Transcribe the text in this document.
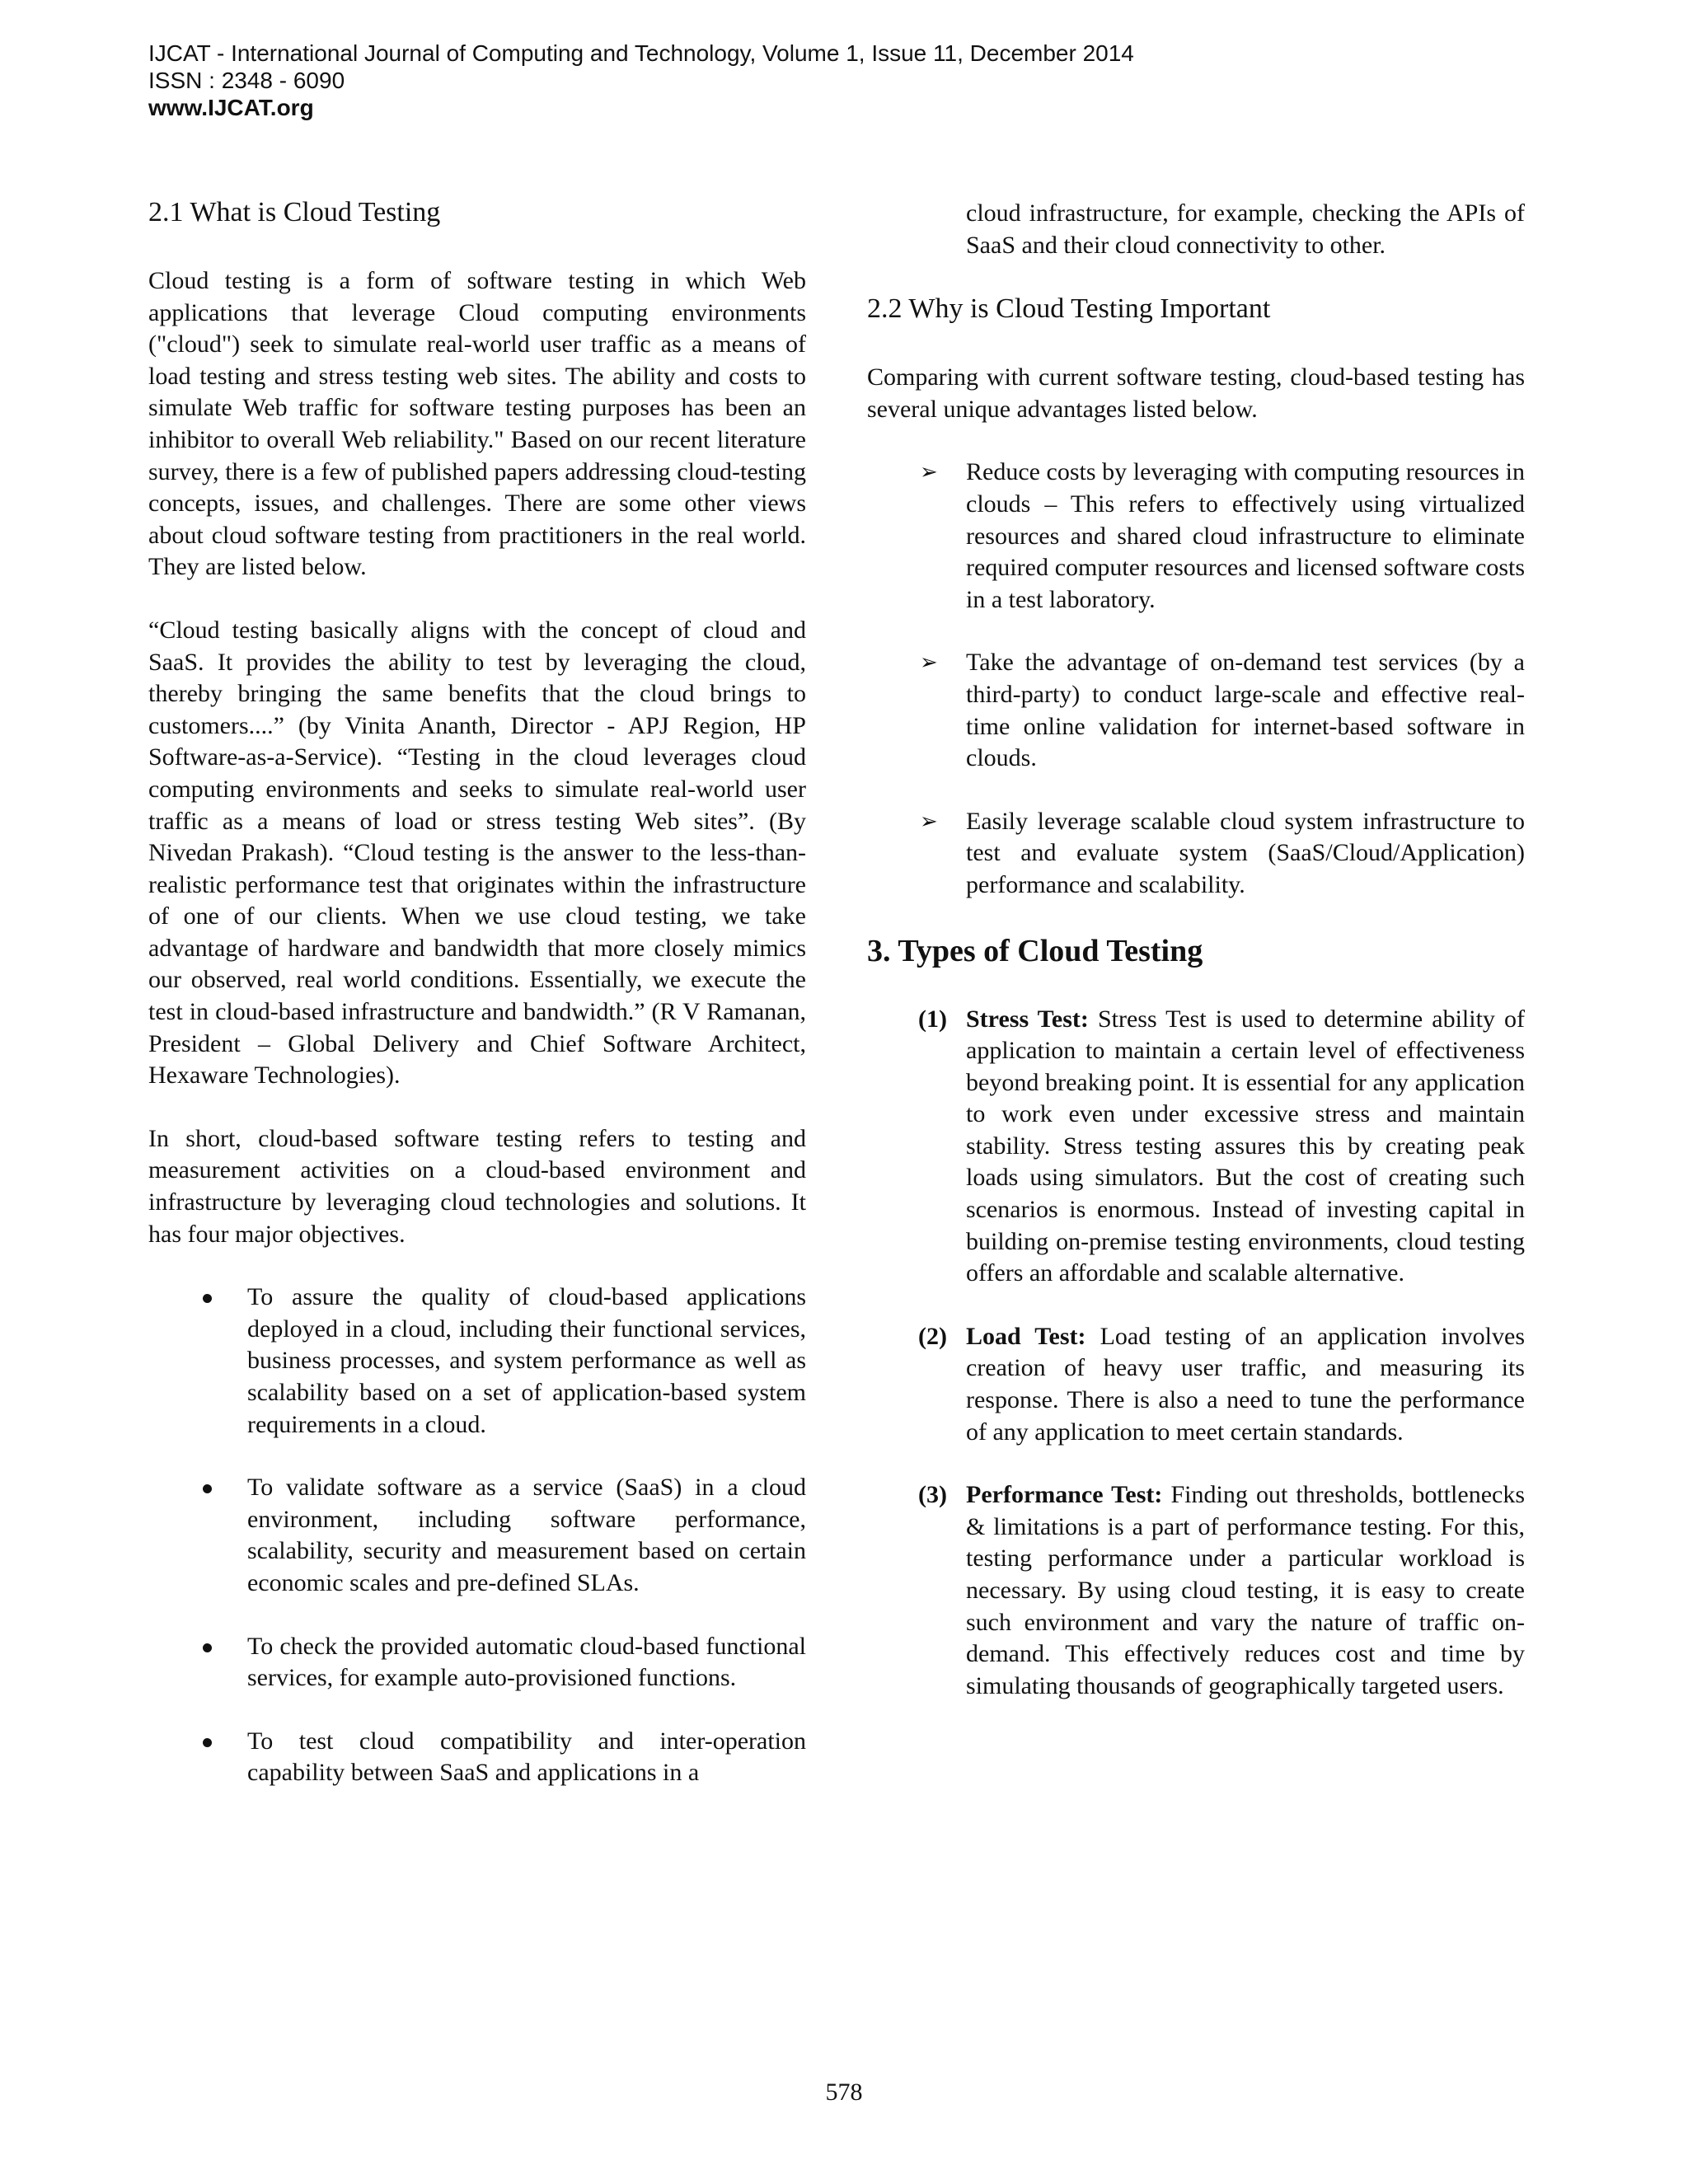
IJCAT - International Journal of Computing and Technology, Volume 1, Issue 11, December 2014
ISSN : 2348 - 6090
www.IJCAT.org
2.1 What is Cloud Testing

Cloud testing is a form of software testing in which Web applications that leverage Cloud computing environments ("cloud") seek to simulate real-world user traffic as a means of load testing and stress testing web sites. The ability and costs to simulate Web traffic for software testing purposes has been an inhibitor to overall Web reliability." Based on our recent literature survey, there is a few of published papers addressing cloud-testing concepts, issues, and challenges. There are some other views about cloud software testing from practitioners in the real world. They are listed below.

“Cloud testing basically aligns with the concept of cloud and SaaS. It provides the ability to test by leveraging the cloud, thereby bringing the same benefits that the cloud brings to customers....” (by Vinita Ananth, Director - APJ Region, HP Software-as-a-Service). “Testing in the cloud leverages cloud computing environments and seeks to simulate real-world user traffic as a means of load or stress testing Web sites”. (By Nivedan Prakash). “Cloud testing is the answer to the less-than-realistic performance test that originates within the infrastructure of one of our clients. When we use cloud testing, we take advantage of hardware and bandwidth that more closely mimics our observed, real world conditions. Essentially, we execute the test in cloud-based infrastructure and bandwidth.” (R V Ramanan, President – Global Delivery and Chief Software Architect, Hexaware Technologies).

In short, cloud-based software testing refers to testing and measurement activities on a cloud-based environment and infrastructure by leveraging cloud technologies and solutions. It has four major objectives.

To assure the quality of cloud-based applications deployed in a cloud, including their functional services, business processes, and system performance as well as scalability based on a set of application-based system requirements in a cloud.
To validate software as a service (SaaS) in a cloud environment, including software performance, scalability, security and measurement based on certain economic scales and pre-defined SLAs.
To check the provided automatic cloud-based functional services, for example auto-provisioned functions.
To test cloud compatibility and inter-operation capability between SaaS and applications in a

cloud infrastructure, for example, checking the APIs of SaaS and their cloud connectivity to other.

2.2 Why is Cloud Testing Important

Comparing with current software testing, cloud-based testing has several unique advantages listed below.

➢	Reduce costs by leveraging with computing resources in clouds – This refers to effectively using virtualized resources and shared cloud infrastructure to eliminate required computer resources and licensed software costs in a test laboratory.
➢	Take the advantage of on-demand test services (by a third-party) to conduct large-scale and effective real-time online validation for internet-based software in clouds.
➢	Easily leverage scalable cloud system infrastructure to test and evaluate system (SaaS/Cloud/Application) performance and scalability.
3. Types of Cloud Testing
(1) Stress Test: Stress Test is used to determine ability of application to maintain a certain level of effectiveness beyond breaking point. It is essential for any application to work even under excessive stress and maintain stability. Stress testing assures this by creating peak loads using simulators. But the cost of creating such scenarios is enormous. Instead of investing capital in building on-premise testing environments, cloud testing offers an affordable and scalable alternative.
(2) Load Test: Load testing of an application involves creation of heavy user traffic, and measuring its response. There is also a need to tune the performance of any application to meet certain standards.
(3) Performance Test: Finding out thresholds, bottlenecks & limitations is a part of performance testing. For this, testing performance under a particular workload is necessary. By using cloud testing, it is easy to create such environment and vary the nature of traffic on-demand. This effectively reduces cost and time by simulating thousands of geographically targeted users.
578
